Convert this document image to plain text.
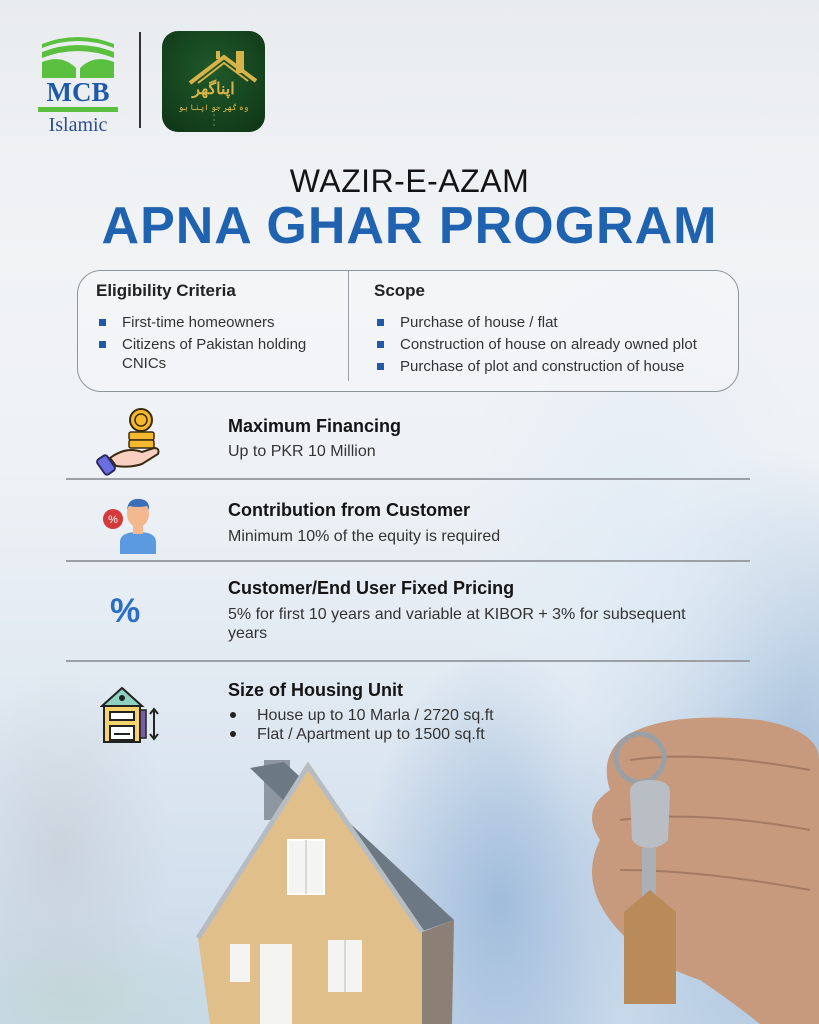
MCB
Islamic
اپناگھر
وہ گھر جو اپنا ہو
WAZIR-E-AZAM
APNA GHAR PROGRAM
Eligibility Criteria
First-time homeowners
Citizens of Pakistan holding CNICs
Scope
Purchase of house / flat
Construction of house on already owned plot
Purchase of plot and construction of house
Maximum Financing
Up to PKR 10 Million
%	Contribution from Customer
Minimum 10% of the equity is required
%
Customer/End User Fixed Pricing
5% for first 10 years and variable at KIBOR + 3% for subsequent years
Size of Housing Unit
House up to 10 Marla / 2720 sq.ft
Flat / Apartment up to 1500 sq.ft
